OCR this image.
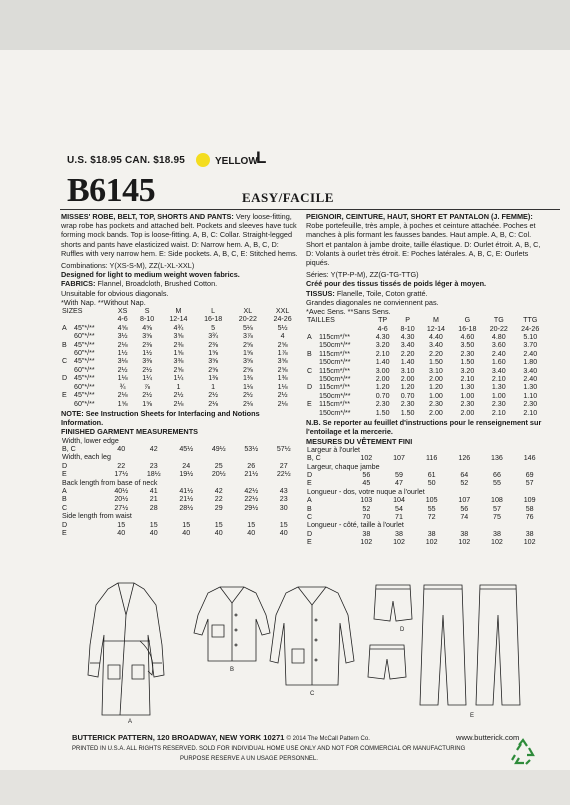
U.S. $18.95 CAN. $18.95	YELLOW
L
B6145	EASY/FACILE

MISSES' ROBE, BELT, TOP, SHORTS AND PANTS: Very loose-fitting, wrap robe has pockets and attached belt. Pockets and sleeves have tuck forming mock bands. Top is loose-fitting. A, B, C: Collar. Straight-legged shorts and pants have elasticized waist. D: Narrow hem. A, B, C, D: Ruffles with very narrow hem. E: Side pockets. A, B, C, E: Stitched hems.

Combinations: Y(XS-S-M), ZZ(L-XL-XXL)

Designed for light to medium weight woven fabrics.

FABRICS: Flannel, Broadcloth, Brushed Cotton.

Unsuitable for obvious diagonals.

*With Nap. **Without Nap.

SIZES		XS	S	M	L	XL	XXL
		4-6	8-10	12-14	16-18	20-22	24-26
A	45"*/**	4⅝	4⅝	4¾	5	5⅛	5½
	60"*/**	3½	3⅝	3⅝	3¾	3⅞	4
B	45"*/**	2⅛	2⅜	2⅜	2⅜	2⅝	2⅝
	60"*/**	1½	1½	1⅝	1⅝	1⅝	1⅞
C	45"*/**	3⅛	3⅜	3⅜	3⅝	3⅝	3⅝
	60"*/**	2½	2½	2⅝	2⅝	2⅝	2⅝
D	45"*/**	1⅛	1¼	1¼	1⅜	1⅜	1⅜
	60"*/**	¾	⅞	1	1	1⅛	1⅛
E	45"*/**	2⅛	2½	2½	2½	2½	2½
	60"*/**	1⅝	1⅝	2⅛	2⅛	2⅛	2⅛

NOTE: See Instruction Sheets for Interfacing and Notions Information.

FINISHED GARMENT MEASUREMENTS

Width, lower edge						
B, C	40	42	45½	49½	53½	57½
Width, each leg						
D	22	23	24	25	26	27
E	17½	18½	19½	20½	21½	22½
Back length from base of neck						
A	40½	41	41½	42	42½	43
B	20½	21	21½	22	22½	23
C	27½	28	28½	29	29½	30
Side length from waist						
D	15	15	15	15	15	15
E	40	40	40	40	40	40

PEIGNOIR, CEINTURE, HAUT, SHORT ET PANTALON (J. FEMME): Robe portefeuille, très ample, à poches et ceinture attachée. Poches et manches à plis formant les fausses bandes. Haut ample. A, B, C: Col. Short et pantalon à jambe droite, taille élastique. D: Ourlet étroit. A, B, C, D: Volants à ourlet très étroit. E: Poches latérales. A, B, C, E: Ourlets piqués.

Séries: Y(TP-P-M), ZZ(G-TG-TTG)

Créé pour des tissus tissés de poids léger à moyen.

TISSUS: Flanelle, Toile, Coton gratté.

Grandes diagonales ne conviennent pas.

*Avec Sens. **Sans Sens.

TAILLES		TP	P	M	G	TG	TTG
		4-6	8-10	12-14	16-18	20-22	24-26
A	115cm*/**	4.30	4.30	4.40	4.60	4.80	5.10
	150cm*/**	3.20	3.40	3.40	3.50	3.60	3.70
B	115cm*/**	2.10	2.20	2.20	2.30	2.40	2.40
	150cm*/**	1.40	1.40	1.50	1.50	1.60	1.80
C	115cm*/**	3.00	3.10	3.10	3.20	3.40	3.40
	150cm*/**	2.00	2.00	2.00	2.10	2.10	2.40
D	115cm*/**	1.20	1.20	1.20	1.30	1.30	1.30
	150cm*/**	0.70	0.70	1.00	1.00	1.00	1.10
E	115cm*/**	2.30	2.30	2.30	2.30	2.30	2.30
	150cm*/**	1.50	1.50	2.00	2.00	2.10	2.10

N.B. Se reporter au feuillet d'instructions pour le renseignement sur l'entoilage et la mercerie.

MESURES DU VÊTEMENT FINI

Largeur à l'ourlet						
B, C	102	107	116	126	136	146
Largeur, chaque jambe						
D	56	59	61	64	66	69
E	45	47	50	52	55	57
Longueur - dos, votre nuque a l'ourlet						
A	103	104	105	107	108	109
B	52	54	55	56	57	58
C	70	71	72	74	75	76
Longueur - côté, taille à l'ourlet						
D	38	38	38	38	38	38
E	102	102	102	102	102	102
A
B
C
D
E
BUTTERICK PATTERN, 120 BROADWAY, NEW YORK 10271 © 2014 The McCall Pattern Co.	www.butterick.com
PRINTED IN U.S.A. ALL RIGHTS RESERVED. SOLD FOR INDIVIDUAL HOME USE ONLY AND NOT FOR COMMERCIAL OR MANUFACTURING
PURPOSE RESERVE A UN USAGE PERSONNEL.
